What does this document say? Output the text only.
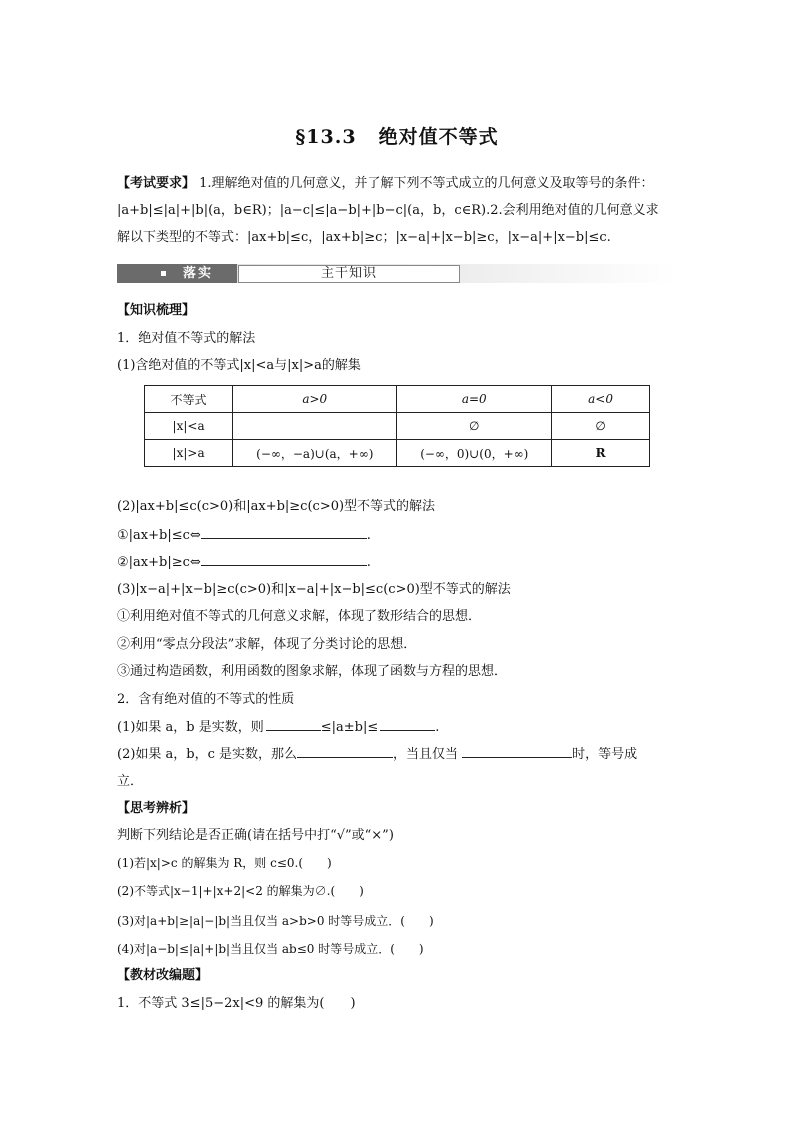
§13.3 绝对值不等式
【考试要求】 1.理解绝对值的几何意义，并了解下列不等式成立的几何意义及取等号的条件：
|a+b|≤|a|+|b|(a，b∈R)；|a−c|≤|a−b|+|b−c|(a，b，c∈R).2.会利用绝对值的几何意义求
解以下类型的不等式：|ax+b|≤c，|ax+b|≥c；|x−a|+|x−b|≥c，|x−a|+|x−b|≤c.
落实	主干知识
【知识梳理】
1．绝对值不等式的解法
(1)含绝对值的不等式|x|<a与|x|>a的解集
不等式	a>0	a=0	a<0
|x|<a		∅	∅
|x|>a	(−∞，−a)∪(a，+∞)	(−∞，0)∪(0，+∞)	R
(2)|ax+b|≤c(c>0)和|ax+b|≥c(c>0)型不等式的解法
①|ax+b|≤c⇔	.
②|ax+b|≥c⇔	.
(3)|x−a|+|x−b|≥c(c>0)和|x−a|+|x−b|≤c(c>0)型不等式的解法
①利用绝对值不等式的几何意义求解，体现了数形结合的思想．
②利用“零点分段法”求解，体现了分类讨论的思想．
③通过构造函数，利用函数的图象求解，体现了函数与方程的思想．
2．含有绝对值的不等式的性质
(1)如果 a，b 是实数，则	≤|a±b|≤	.
(2)如果 a，b，c 是实数，那么	，当且仅当	时，等号成
立．
【思考辨析】
判断下列结论是否正确(请在括号中打“√”或“×”)
(1)若|x|>c 的解集为 R，则 c≤0.(　　)
(2)不等式|x−1|+|x+2|<2 的解集为∅.(　　)
(3)对|a+b|≥|a|−|b|当且仅当 a>b>0 时等号成立．(　　)
(4)对|a−b|≤|a|+|b|当且仅当 ab≤0 时等号成立．(　　)
【教材改编题】
1．不等式 3≤|5−2x|<9 的解集为(　　)
